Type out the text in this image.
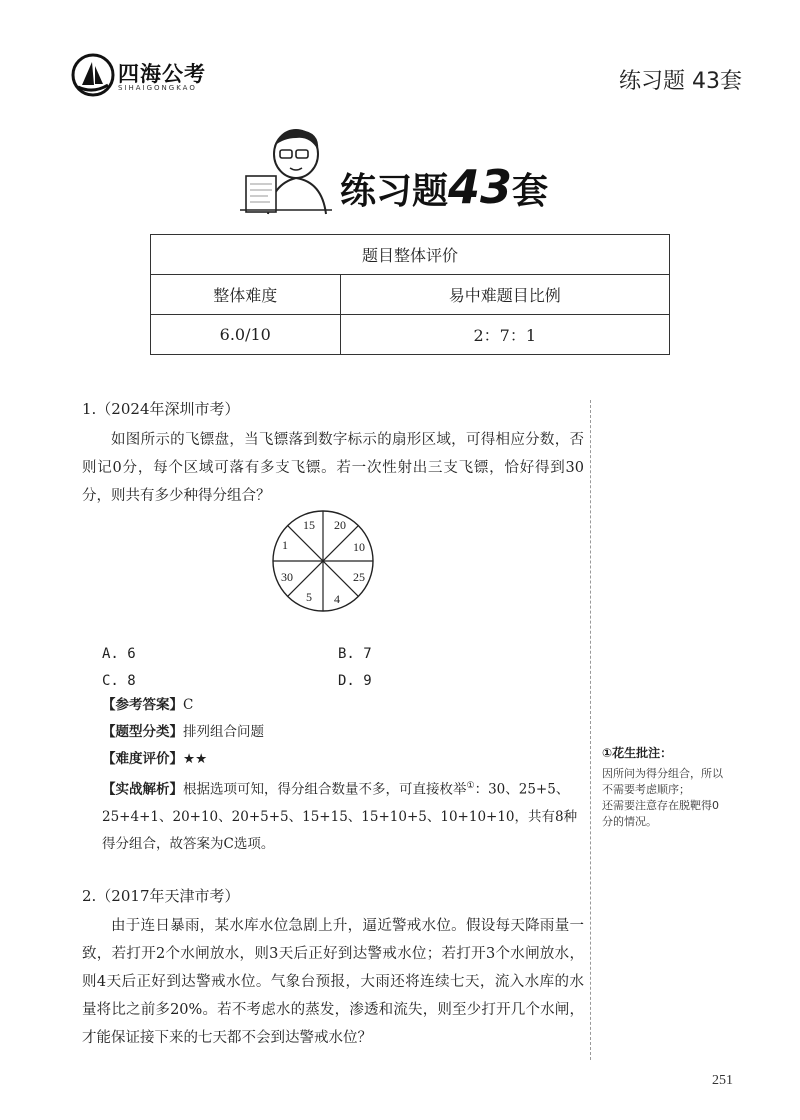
四海公考
SIHAIGONGKAO	练习题 43套
练习题43套
题目整体评价	
整体难度	易中难题目比例
6.0/10	2：7：1
1.（2024年深圳市考）
如图所示的飞镖盘，当飞镖落到数字标示的扇形区域，可得相应分数，否则记0分，每个区域可落有多支飞镖。若一次性射出三支飞镖，恰好得到30分，则共有多少种得分组合？
15 20
10
25
4
5
30
1
A. 6	B. 7
C. 8	D. 9
【参考答案】C
【题型分类】排列组合问题
【难度评价】★★
【实战解析】根据选项可知，得分组合数量不多，可直接枚举①：30、25+5、25+4+1、20+10、20+5+5、15+15、15+10+5、10+10+10，共有8种得分组合，故答案为C选项。
①花生批注：
因所问为得分组合，所以
不需要考虑顺序；
还需要注意存在脱靶得0
分的情况。
2.（2017年天津市考）
由于连日暴雨，某水库水位急剧上升，逼近警戒水位。假设每天降雨量一致，若打开2个水闸放水，则3天后正好到达警戒水位；若打开3个水闸放水，则4天后正好到达警戒水位。气象台预报，大雨还将连续七天，流入水库的水量将比之前多20%。若不考虑水的蒸发，渗透和流失，则至少打开几个水闸，才能保证接下来的七天都不会到达警戒水位？
251
